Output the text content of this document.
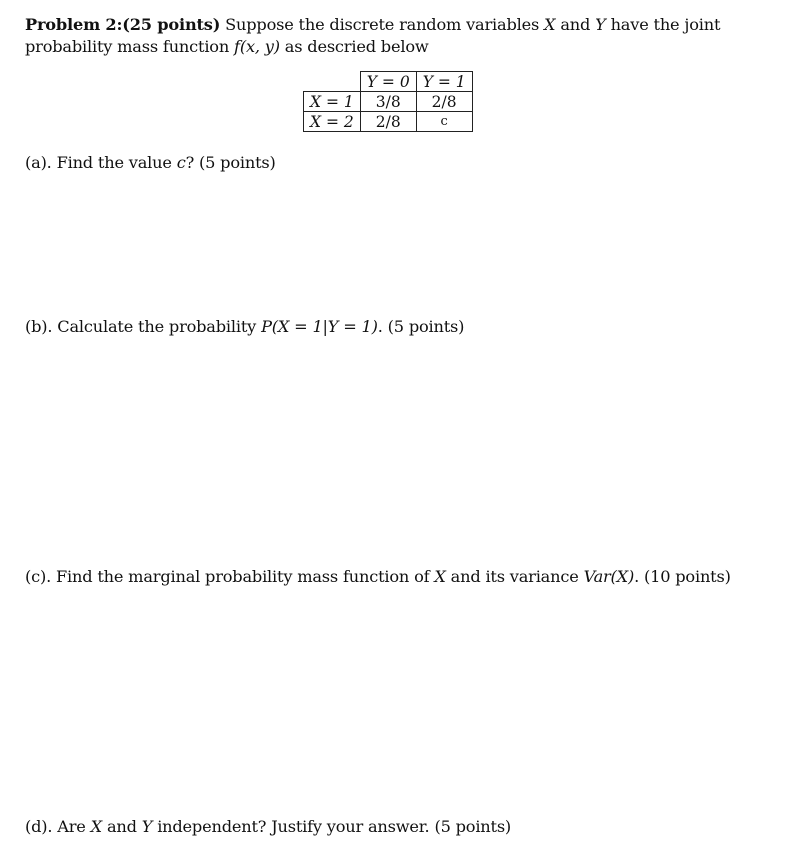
Problem 2:(25 points) Suppose the discrete random variables X and Y have the joint probability mass function f(x, y) as descried below
	Y = 0	Y = 1
X = 1	3/8	2/8
X = 2	2/8	c
(a). Find the value c? (5 points)
(b). Calculate the probability P(X = 1|Y = 1). (5 points)
(c). Find the marginal probability mass function of X and its variance Var(X). (10 points)
(d). Are X and Y independent? Justify your answer. (5 points)
